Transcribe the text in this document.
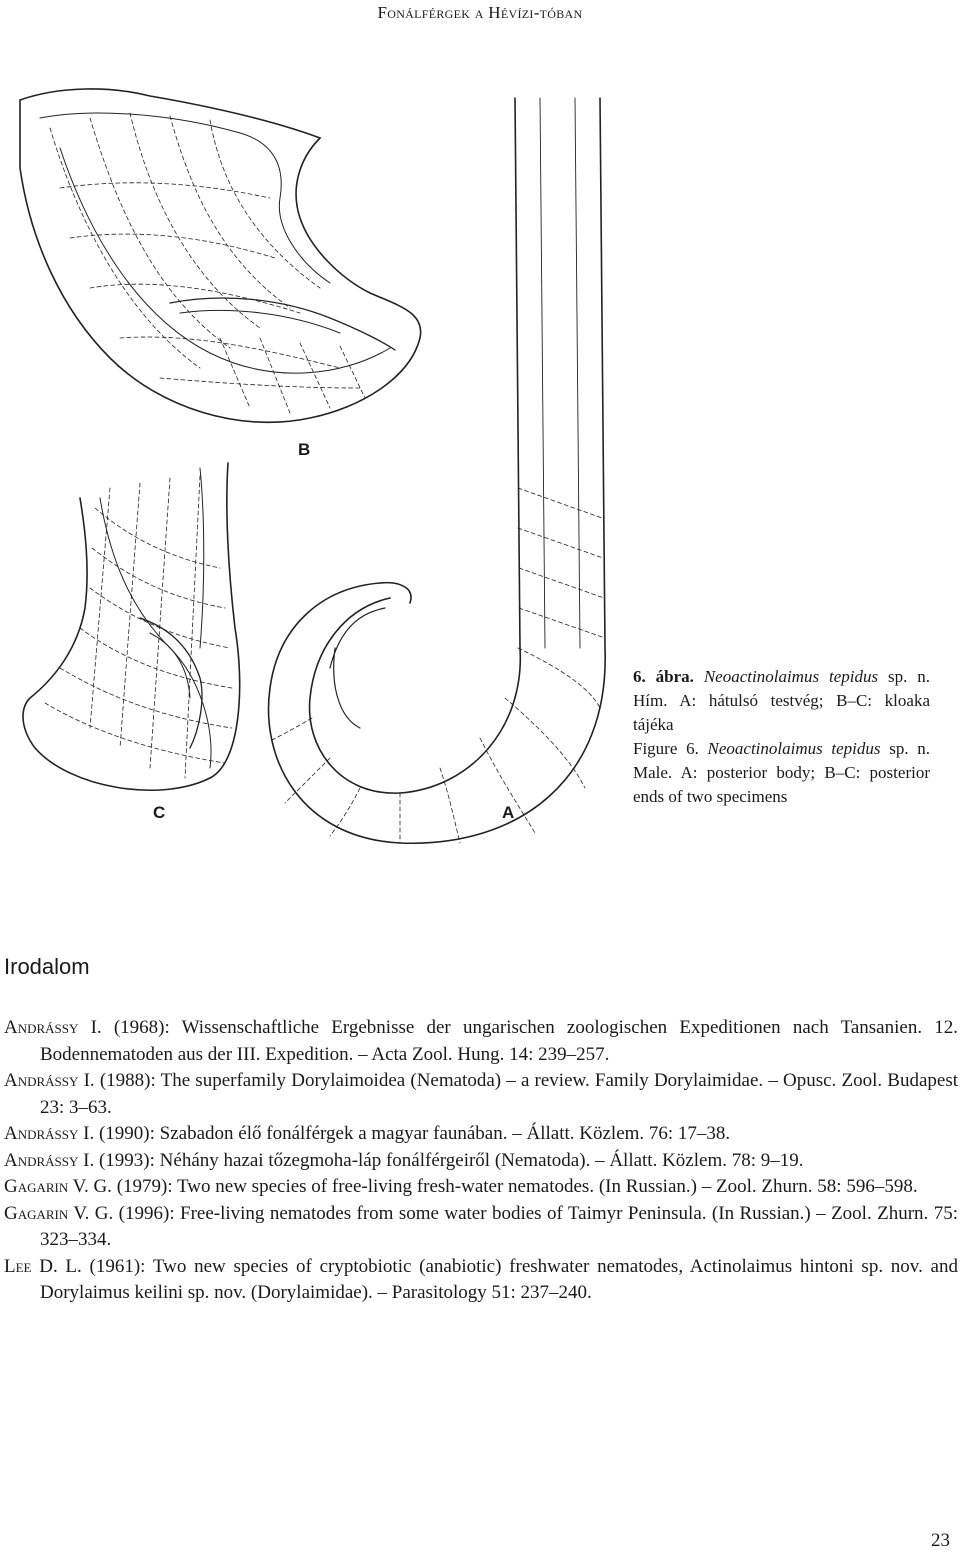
Fonálférgek a Hévízi-tóban
B
C	A

6. ábra. Neoactinolaimus tepidus sp. n. Hím. A: hátulsó testvég; B–C: kloaka tájéka

Figure 6. Neoactinolaimus tepidus sp. n. Male. A: posterior body; B–C: posterior ends of two specimens

Irodalom

Andrássy I. (1968): Wissenschaftliche Ergebnisse der ungarischen zoologischen Expeditionen nach Tansanien. 12. Bodennematoden aus der III. Expedition. – Acta Zool. Hung. 14: 239–257.

Andrássy I. (1988): The superfamily Dorylaimoidea (Nematoda) – a review. Family Dorylaimidae. – Opusc. Zool. Budapest 23: 3–63.

Andrássy I. (1990): Szabadon élő fonálférgek a magyar faunában. – Állatt. Közlem. 76: 17–38.

Andrássy I. (1993): Néhány hazai tőzegmoha-láp fonálférgeiről (Nematoda). – Állatt. Közlem. 78: 9–19.

Gagarin V. G. (1979): Two new species of free-living fresh-water nematodes. (In Russian.) – Zool. Zhurn. 58: 596–598.

Gagarin V. G. (1996): Free-living nematodes from some water bodies of Taimyr Peninsula. (In Russian.) – Zool. Zhurn. 75: 323–334.

Lee D. L. (1961): Two new species of cryptobiotic (anabiotic) freshwater nematodes, Actinolaimus hintoni sp. nov. and Dorylaimus keilini sp. nov. (Dorylaimidae). – Parasitology 51: 237–240.

23
